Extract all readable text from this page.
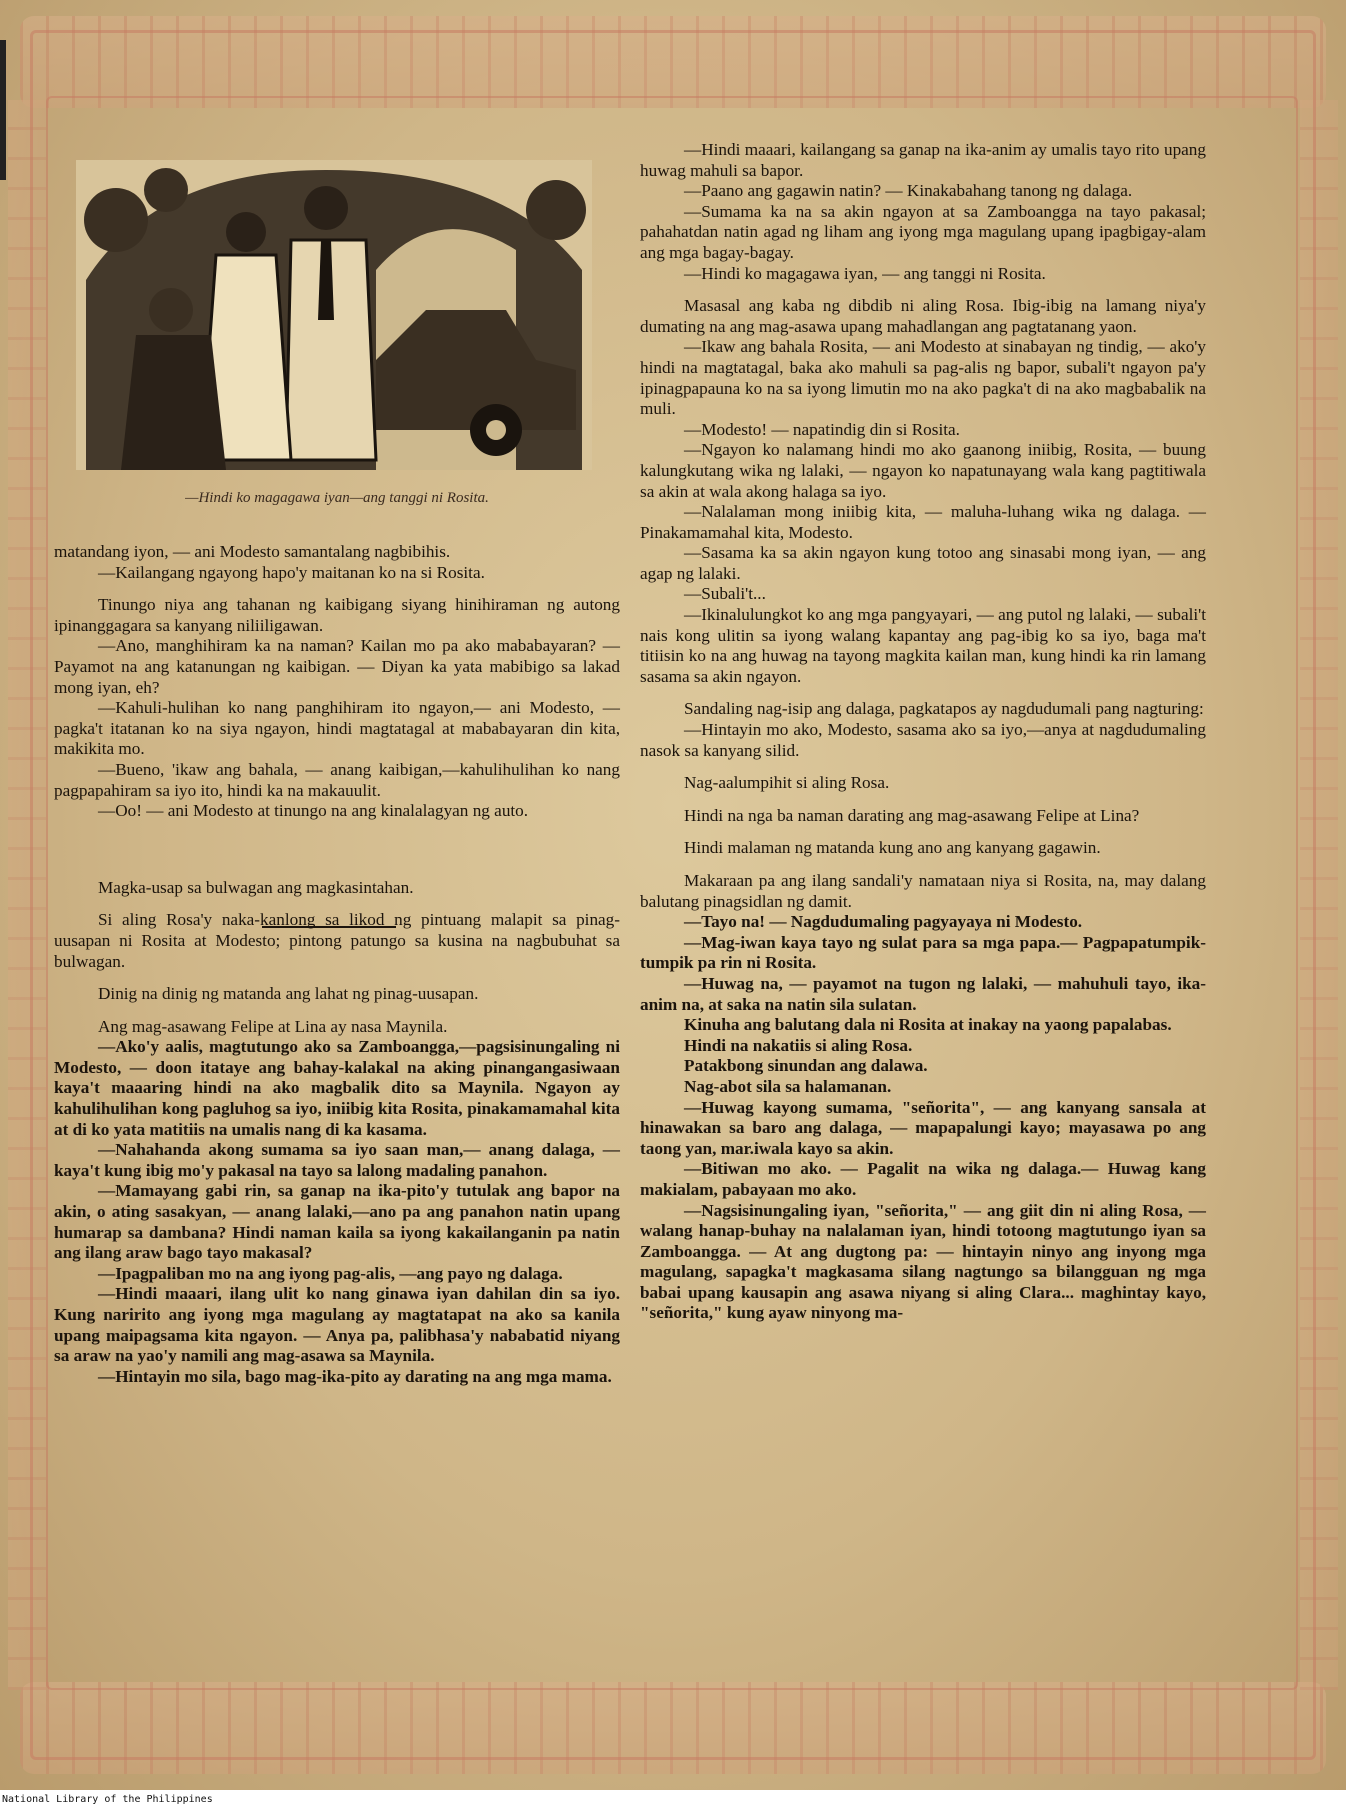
—Hindi ko magagawa iyan—ang tanggi ni Rosita.

matandang iyon, — ani Modesto samantalang nagbibihis.

—Kailangang ngayong hapo'y maitanan ko na si Rosita.

Tinungo niya ang tahanan ng kaibigang siyang hinihiraman ng autong ipinanggagara sa kanyang niliiligawan.

—Ano, manghihiram ka na naman? Kailan mo pa ako mababayaran? — Payamot na ang katanungan ng kaibigan. — Diyan ka yata mabibigo sa lakad mong iyan, eh?

—Kahuli-hulihan ko nang panghihiram ito ngayon,— ani Modesto, — pagka't itatanan ko na siya ngayon, hindi magtatagal at mababayaran din kita, makikita mo.

—Bueno, 'ikaw ang bahala, — anang kaibigan,—kahulihulihan ko nang pagpapahiram sa iyo ito, hindi ka na makauulit.

—Oo! — ani Modesto at tinungo na ang kinalalagyan ng auto.

Magka-usap sa bulwagan ang magkasintahan.

Si aling Rosa'y naka-kanlong sa likod ng pintuang malapit sa pinag-uusapan ni Rosita at Modesto; pintong patungo sa kusina na nagbubuhat sa bulwagan.

Dinig na dinig ng matanda ang lahat ng pinag-uusapan.

Ang mag-asawang Felipe at Lina ay nasa Maynila.

—Ako'y aalis, magtutungo ako sa Zamboangga,—pagsisinungaling ni Modesto, — doon itataye ang bahay-kalakal na aking pinangangasiwaan kaya't maaaring hindi na ako magbalik dito sa Maynila. Ngayon ay kahulihulihan kong pagluhog sa iyo, iniibig kita Rosita, pinakamamahal kita at di ko yata matitiis na umalis nang di ka kasama.

—Nahahanda akong sumama sa iyo saan man,— anang dalaga, — kaya't kung ibig mo'y pakasal na tayo sa lalong madaling panahon.

—Mamayang gabi rin, sa ganap na ika-pito'y tutulak ang bapor na akin, o ating sasakyan, — anang lalaki,—ano pa ang panahon natin upang humarap sa dambana? Hindi naman kaila sa iyong kakailanganin pa natin ang ilang araw bago tayo makasal?

—Ipagpaliban mo na ang iyong pag-alis, —ang payo ng dalaga.

—Hindi maaari, ilang ulit ko nang ginawa iyan dahilan din sa iyo. Kung naririto ang iyong mga magulang ay magtatapat na ako sa kanila upang maipagsama kita ngayon. — Anya pa, palibhasa'y nababatid niyang sa araw na yao'y namili ang mag-asawa sa Maynila.

—Hintayin mo sila, bago mag-ika-pito ay darating na ang mga mama.

—Hindi maaari, kailangang sa ganap na ika-anim ay umalis tayo rito upang huwag mahuli sa bapor.

—Paano ang gagawin natin? — Kinakabahang tanong ng dalaga.

—Sumama ka na sa akin ngayon at sa Zamboangga na tayo pakasal; pahahatdan natin agad ng liham ang iyong mga magulang upang ipagbigay-alam ang mga bagay-bagay.

—Hindi ko magagawa iyan, — ang tanggi ni Rosita.

Masasal ang kaba ng dibdib ni aling Rosa. Ibig-ibig na lamang niya'y dumating na ang mag-asawa upang mahadlangan ang pagtatanang yaon.

—Ikaw ang bahala Rosita, — ani Modesto at sinabayan ng tindig, — ako'y hindi na magtatagal, baka ako mahuli sa pag-alis ng bapor, subali't ngayon pa'y ipinagpapauna ko na sa iyong limutin mo na ako pagka't di na ako magbabalik na muli.

—Modesto! — napatindig din si Rosita.

—Ngayon ko nalamang hindi mo ako gaanong iniibig, Rosita, — buung kalungkutang wika ng lalaki, — ngayon ko napatunayang wala kang pagtitiwala sa akin at wala akong halaga sa iyo.

—Nalalaman mong iniibig kita, — maluha-luhang wika ng dalaga. — Pinakamamahal kita, Modesto.

—Sasama ka sa akin ngayon kung totoo ang sinasabi mong iyan, — ang agap ng lalaki.

—Subali't...

—Ikinalulungkot ko ang mga pangyayari, — ang putol ng lalaki, — subali't nais kong ulitin sa iyong walang kapantay ang pag-ibig ko sa iyo, baga ma't titiisin ko na ang huwag na tayong magkita kailan man, kung hindi ka rin lamang sasama sa akin ngayon.

Sandaling nag-isip ang dalaga, pagkatapos ay nagdudumali pang nagturing:

—Hintayin mo ako, Modesto, sasama ako sa iyo,—anya at nagdudumaling nasok sa kanyang silid.

Nag-aalumpihit si aling Rosa.

Hindi na nga ba naman darating ang mag-asawang Felipe at Lina?

Hindi malaman ng matanda kung ano ang kanyang gagawin.

Makaraan pa ang ilang sandali'y namataan niya si Rosita, na, may dalang balutang pinagsidlan ng damit.

—Tayo na! — Nagdudumaling pagyayaya ni Modesto.

—Mag-iwan kaya tayo ng sulat para sa mga papa.— Pagpapatumpik-tumpik pa rin ni Rosita.

—Huwag na, — payamot na tugon ng lalaki, — mahuhuli tayo, ika-anim na, at saka na natin sila sulatan.

Kinuha ang balutang dala ni Rosita at inakay na yaong papalabas.

Hindi na nakatiis si aling Rosa.

Patakbong sinundan ang dalawa.

Nag-abot sila sa halamanan.

—Huwag kayong sumama, "señorita", — ang kanyang sansala at hinawakan sa baro ang dalaga, — mapapalungi kayo; mayasawa po ang taong yan, mar.iwala kayo sa akin.

—Bitiwan mo ako. — Pagalit na wika ng dalaga.— Huwag kang makialam, pabayaan mo ako.

—Nagsisinungaling iyan, "señorita," — ang giit din ni aling Rosa, — walang hanap-buhay na nalalaman iyan, hindi totoong magtutungo iyan sa Zamboangga. — At ang dugtong pa: — hintayin ninyo ang inyong mga magulang, sapagka't magkasama silang nagtungo sa bilangguan ng mga babai upang kausapin ang asawa niyang si aling Clara... maghintay kayo, "señorita," kung ayaw ninyong ma-

National Library of the Philippines
